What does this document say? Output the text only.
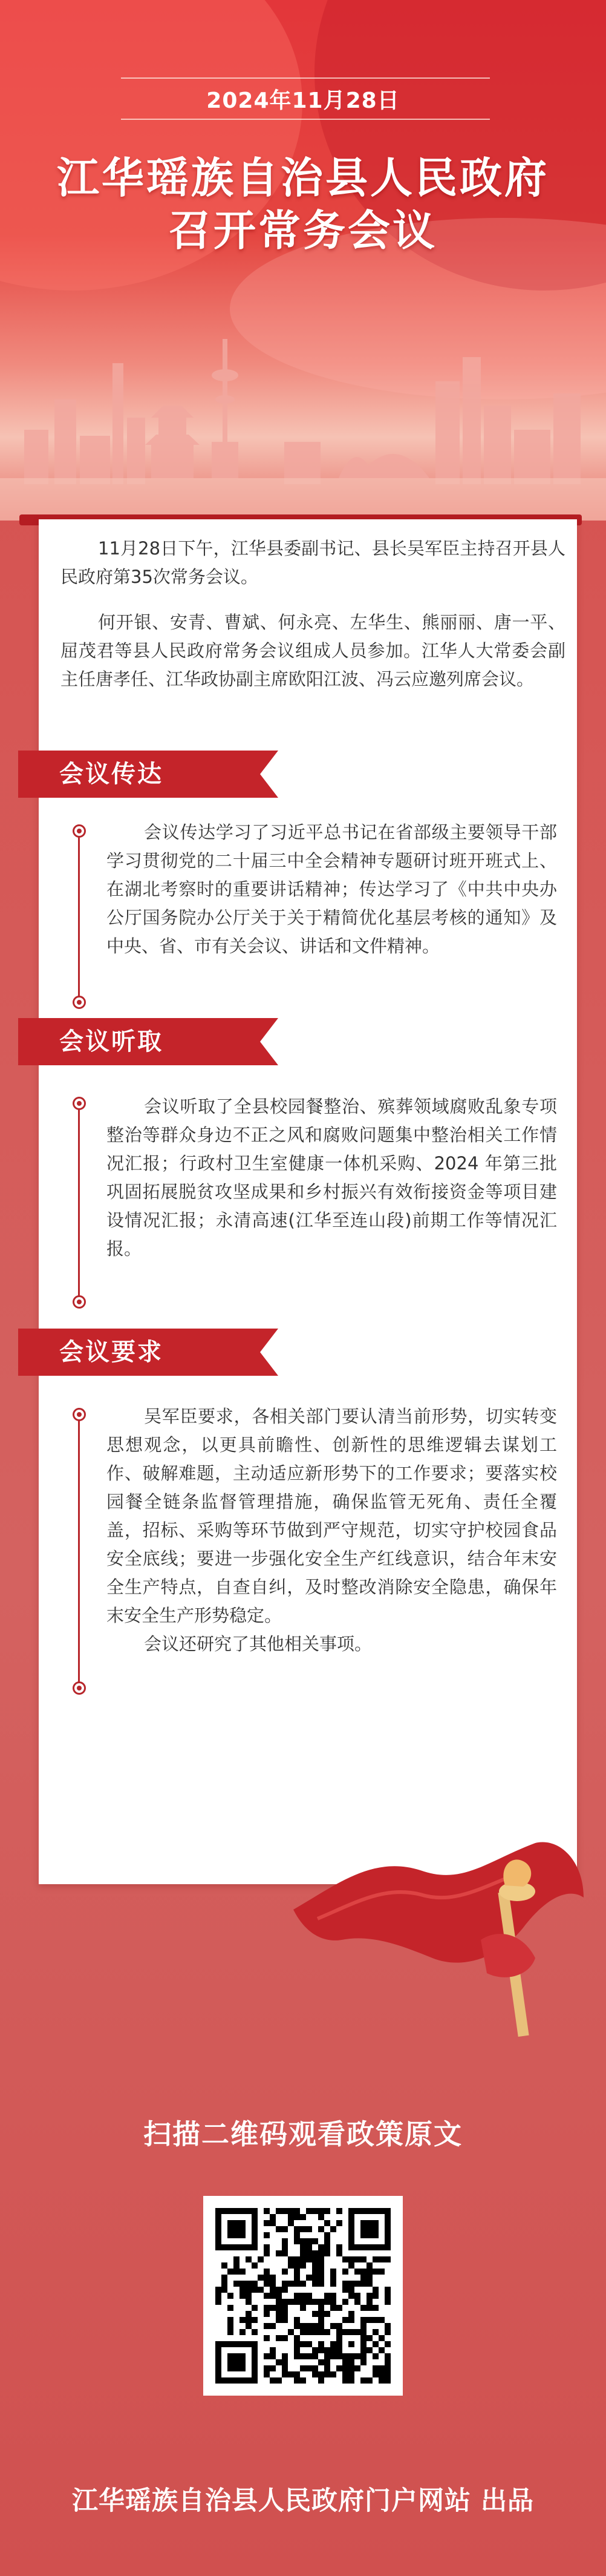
2024年11月28日
江华瑶族自治县人民政府
召开常务会议

11月28日下午，江华县委副书记、县长吴军臣主持召开县人民政府第35次常务会议。

何开银、安青、曹斌、何永亮、左华生、熊丽丽、唐一平、屈茂君等县人民政府常务会议组成人员参加。江华人大常委会副主任唐孝任、江华政协副主席欧阳江波、冯云应邀列席会议。

会议传达

会议传达学习了习近平总书记在省部级主要领导干部学习贯彻党的二十届三中全会精神专题研讨班开班式上、在湖北考察时的重要讲话精神；传达学习了《中共中央办公厅国务院办公厅关于关于精简优化基层考核的通知》及中央、省、市有关会议、讲话和文件精神。

会议听取

会议听取了全县校园餐整治、殡葬领域腐败乱象专项整治等群众身边不正之风和腐败问题集中整治相关工作情况汇报；行政村卫生室健康一体机采购、2024 年第三批巩固拓展脱贫攻坚成果和乡村振兴有效衔接资金等项目建设情况汇报；永清高速(江华至连山段)前期工作等情况汇报。

会议要求

吴军臣要求，各相关部门要认清当前形势，切实转变思想观念，以更具前瞻性、创新性的思维逻辑去谋划工作、破解难题，主动适应新形势下的工作要求；要落实校园餐全链条监督管理措施，确保监管无死角、责任全覆盖，招标、采购等环节做到严守规范，切实守护校园食品安全底线；要进一步强化安全生产红线意识，结合年末安全生产特点，自查自纠，及时整改消除安全隐患，确保年末安全生产形势稳定。
会议还研究了其他相关事项。

扫描二维码观看政策原文
江华瑶族自治县人民政府门户网站 出品
